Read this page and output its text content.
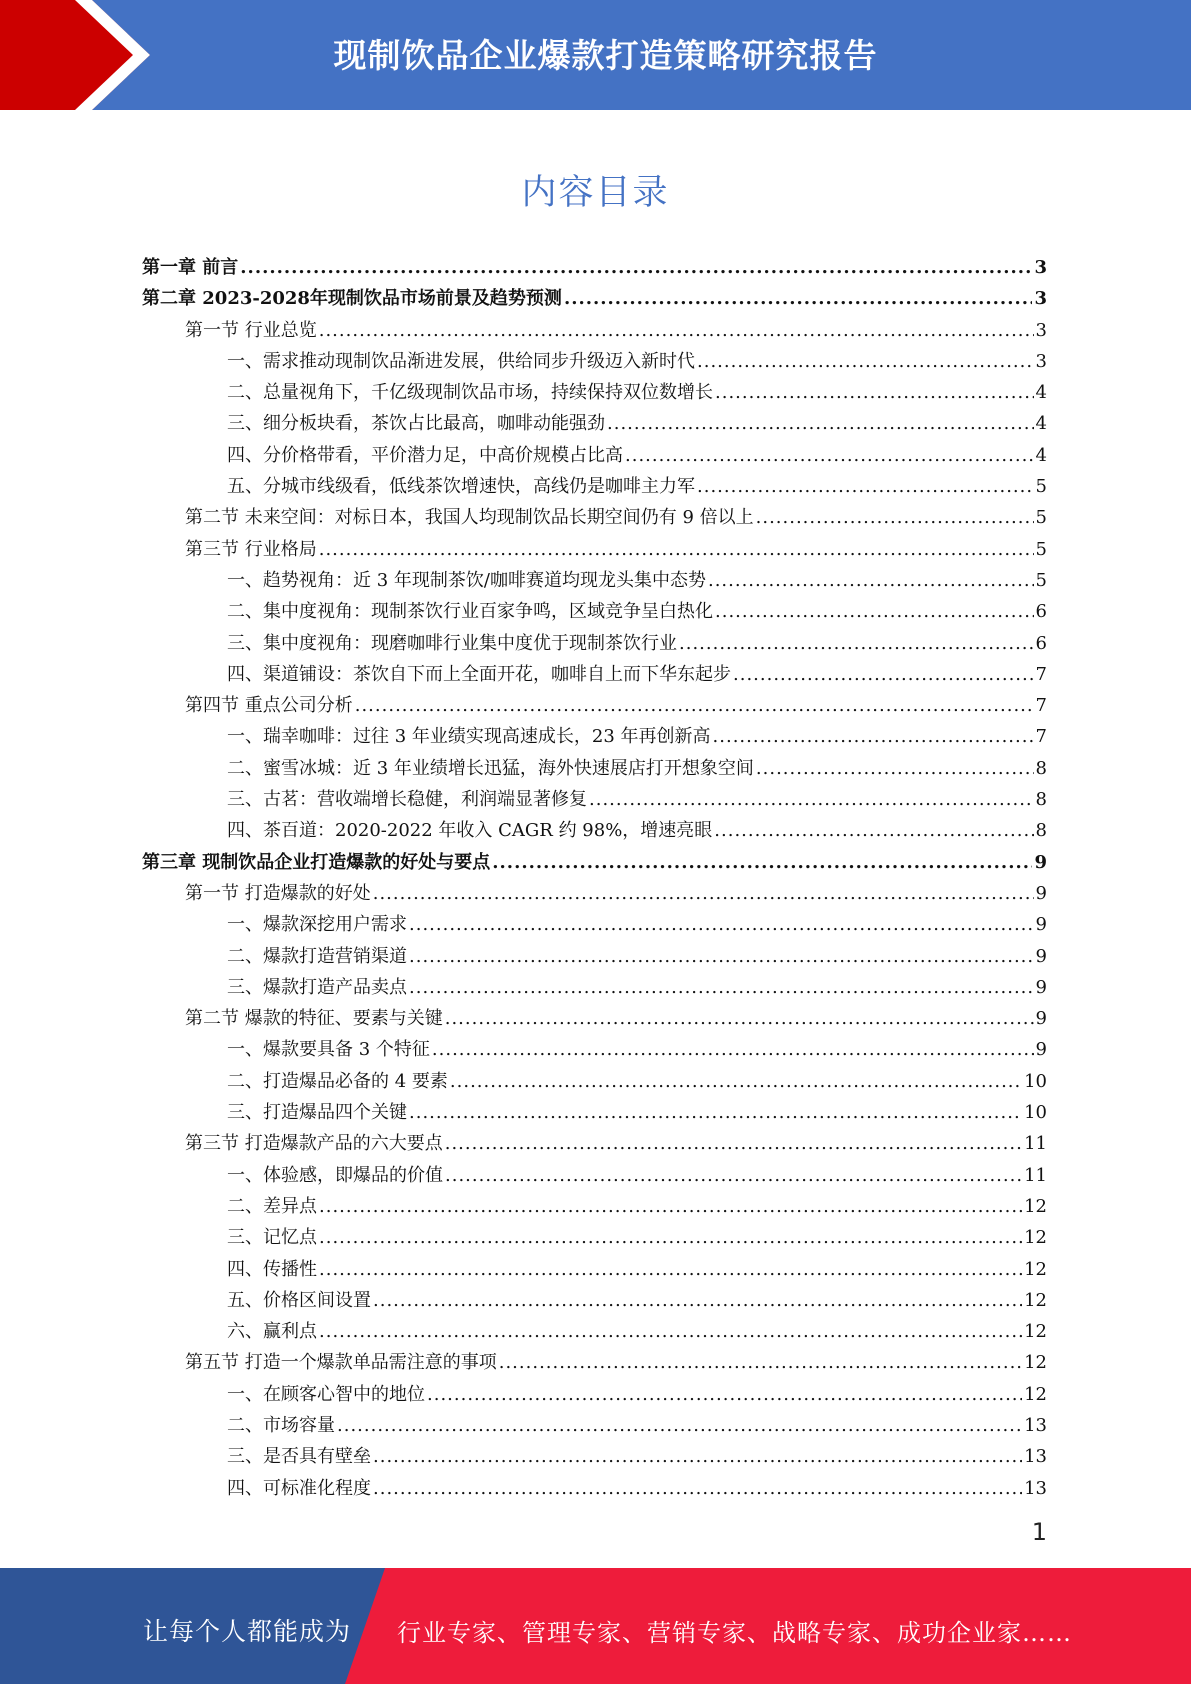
现制饮品企业爆款打造策略研究报告
内容目录
第一章 前言 .....	3
第二章 2023-2028年现制饮品市场前景及趋势预测 .....	3
第一节 行业总览 .....	3
一、需求推动现制饮品渐进发展，供给同步升级迈入新时代 .....	3
二、总量视角下，千亿级现制饮品市场，持续保持双位数增长 .....	4
三、细分板块看，茶饮占比最高，咖啡动能强劲 .....	4
四、分价格带看，平价潜力足，中高价规模占比高 .....	4
五、分城市线级看，低线茶饮增速快，高线仍是咖啡主力军 .....	5
第二节 未来空间：对标日本，我国人均现制饮品长期空间仍有 9 倍以上 .....	5
第三节 行业格局 .....	5
一、趋势视角：近 3 年现制茶饮/咖啡赛道均现龙头集中态势 .....	5
二、集中度视角：现制茶饮行业百家争鸣，区域竞争呈白热化 .....	6
三、集中度视角：现磨咖啡行业集中度优于现制茶饮行业 .....	6
四、渠道铺设：茶饮自下而上全面开花，咖啡自上而下华东起步 .....	7
第四节 重点公司分析 .....	7
一、瑞幸咖啡：过往 3 年业绩实现高速成长，23 年再创新高 .....	7
二、蜜雪冰城：近 3 年业绩增长迅猛，海外快速展店打开想象空间 .....	8
三、古茗：营收端增长稳健，利润端显著修复 .....	8
四、茶百道：2020-2022 年收入 CAGR 约 98%，增速亮眼 .....	8
第三章 现制饮品企业打造爆款的好处与要点 .....	9
第一节 打造爆款的好处 .....	9
一、爆款深挖用户需求 .....	9
二、爆款打造营销渠道 .....	9
三、爆款打造产品卖点 .....	9
第二节 爆款的特征、要素与关键 .....	9
一、爆款要具备 3 个特征 .....	9
二、打造爆品必备的 4 要素 .....	10
三、打造爆品四个关键 .....	10
第三节 打造爆款产品的六大要点 .....	11
一、体验感，即爆品的价值 .....	11
二、差异点 .....	12
三、记忆点 .....	12
四、传播性 .....	12
五、价格区间设置 .....	12
六、赢利点 .....	12
第五节 打造一个爆款单品需注意的事项 .....	12
一、在顾客心智中的地位 .....	12
二、市场容量 .....	13
三、是否具有壁垒 .....	13
四、可标准化程度 .....	13
1
让每个人都能成为 行业专家、管理专家、营销专家、战略专家、成功企业家……
